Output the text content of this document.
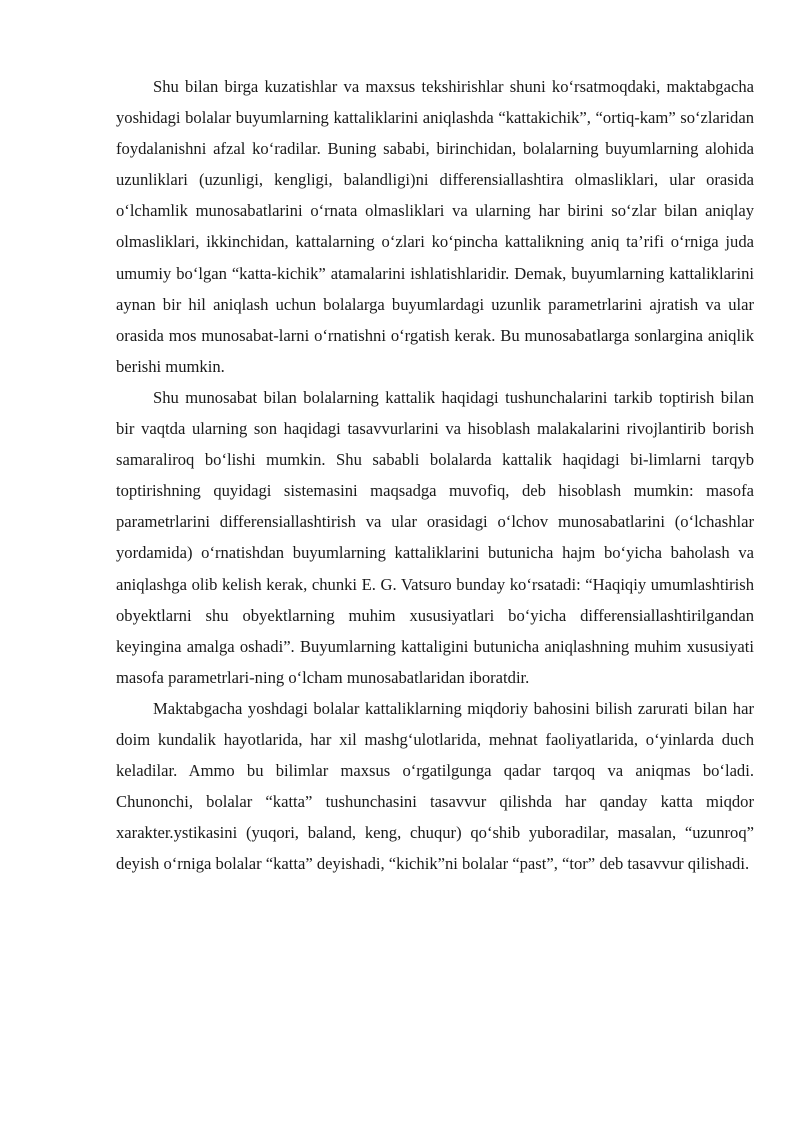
Shu bilan birga kuzatishlar va maxsus tekshirishlar shuni ko‘rsatmoqdaki, maktabgacha yoshidagi bolalar buyumlarning kattaliklarini aniqlashda “kattakichik”, “ortiq-kam” so‘zlaridan foydalanishni afzal ko‘radilar. Buning sababi, birinchidan, bolalarning buyumlarning alohida uzunliklari (uzunligi, kengligi, balandligi)ni differensiallashtira olmasliklari, ular orasida o‘lchamlik munosabatlarini o‘rnata olmasliklari va ularning har birini so‘zlar bilan aniqlay olmasliklari, ikkinchidan, kattalarning o‘zlari ko‘pincha kattalikning aniq ta’rifi o‘rniga juda umumiy bo‘lgan “katta-kichik” atamalarini ishlatishlaridir. Demak, buyumlarning kattaliklarini aynan bir hil aniqlash uchun bolalarga buyumlardagi uzunlik parametrlarini ajratish va ular orasida mos munosabat-larni o‘rnatishni o‘rgatish kerak. Bu munosabatlarga sonlargina aniqlik berishi mumkin.

Shu munosabat bilan bolalarning kattalik haqidagi tushunchalarini tarkib toptirish bilan bir vaqtda ularning son haqidagi tasavvurlarini va hisoblash malakalarini rivojlantirib borish samaraliroq bo‘lishi mumkin. Shu sababli bolalarda kattalik haqidagi bi-limlarni tarqyb toptirishning quyidagi sistemasini maqsadga muvofiq, deb hisoblash mumkin: masofa parametrlarini differensiallashtirish va ular orasidagi o‘lchov munosabatlarini (o‘lchashlar yordamida) o‘rnatishdan buyumlarning kattaliklarini butunicha hajm bo‘yicha baholash va aniqlashga olib kelish kerak, chunki E. G. Vatsuro bunday ko‘rsatadi: “Haqiqiy umumlashtirish obyektlarni shu obyektlarning muhim xususiyatlari bo‘yicha differensiallashtirilgandan keyingina amalga oshadi”. Buyumlarning kattaligini butunicha aniqlashning muhim xususiyati masofa parametrlari-ning o‘lcham munosabatlaridan iboratdir.

Maktabgacha yoshdagi bolalar kattaliklarning miqdoriy bahosini bilish zarurati bilan har doim kundalik hayotlarida, har xil mashg‘ulotlarida, mehnat faoliyatlarida, o‘yinlarda duch keladilar. Ammo bu bilimlar maxsus o‘rgatilgunga qadar tarqoq va aniqmas bo‘ladi. Chunonchi, bolalar “katta” tushunchasini tasavvur qilishda har qanday katta miqdor xarakter.ystikasini (yuqori, baland, keng, chuqur) qo‘shib yuboradilar, masalan, “uzunroq” deyish o‘rniga bolalar “katta” deyishadi, “kichik”ni bolalar “past”, “tor” deb tasavvur qilishadi.
